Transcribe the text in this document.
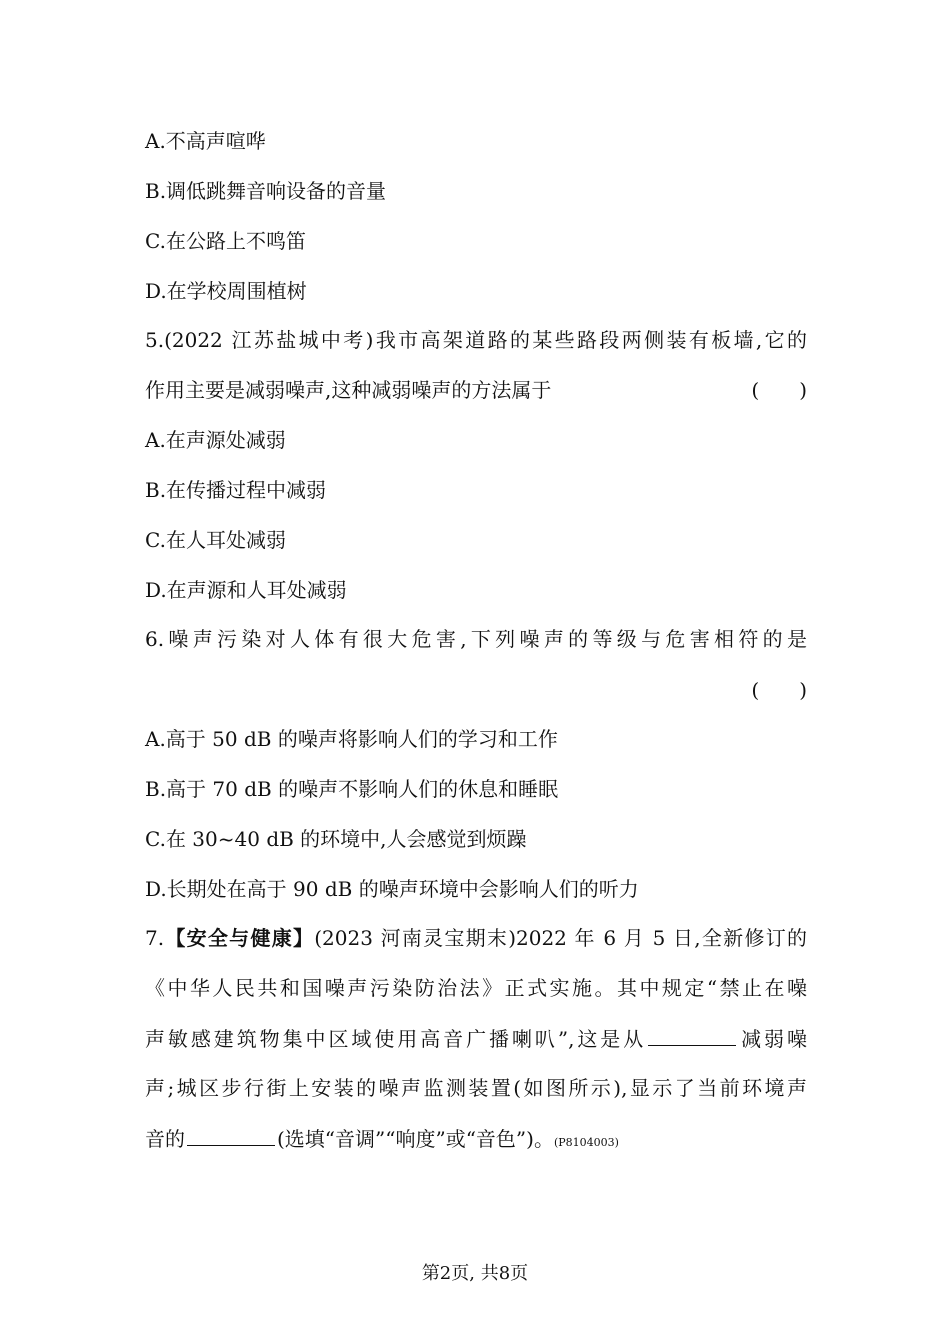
A.不高声喧哗
B.调低跳舞音响设备的音量
C.在公路上不鸣笛
D.在学校周围植树
5.(2022 江苏盐城中考)我市高架道路的某些路段两侧装有板墙,它的
作用主要是减弱噪声,这种减弱噪声的方法属于	(　　)
A.在声源处减弱
B.在传播过程中减弱
C.在人耳处减弱
D.在声源和人耳处减弱
6.噪声污染对人体有很大危害,下列噪声的等级与危害相符的是
(　　)
A.高于 50 dB 的噪声将影响人们的学习和工作
B.高于 70 dB 的噪声不影响人们的休息和睡眠
C.在 30~40 dB 的环境中,人会感觉到烦躁
D.长期处在高于 90 dB 的噪声环境中会影响人们的听力
7.【安全与健康】(2023 河南灵宝期末)2022 年 6 月 5 日,全新修订的
《中华人民共和国噪声污染防治法》正式实施。其中规定“禁止在噪
声敏感建筑物集中区域使用高音广播喇叭”,这是从	减弱噪
声;城区步行街上安装的噪声监测装置(如图所示),显示了当前环境声
音的	(选填“音调”“响度”或“音色”)。(P8104003)
第2页, 共8页
